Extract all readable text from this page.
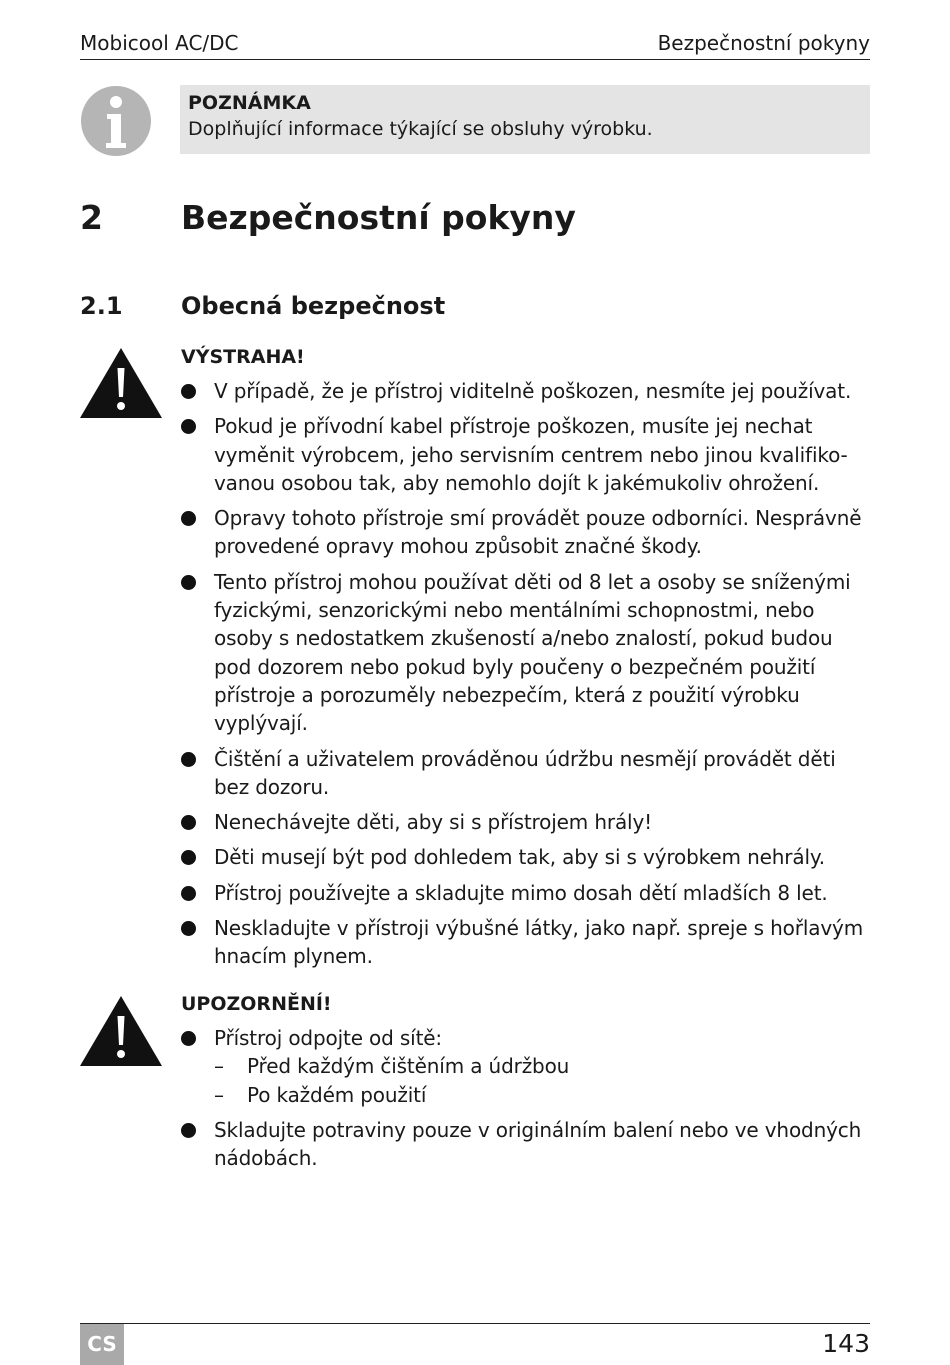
Mobicool AC/DC	Bezpečnostní pokyny
POZNÁMKA
Doplňující informace týkající se obsluhy výrobku.
2 Bezpečnostní pokyny
2.1 Obecná bezpečnost
VÝSTRAHA!
V případě, že je přístroj viditelně poškozen, nesmíte jej používat.
Pokud je přívodní kabel přístroje poškozen, musíte jej nechat vyměnit výrobcem, jeho servisním centrem nebo jinou kvalifiko-vanou osobou tak, aby nemohlo dojít k jakémukoliv ohrožení.
Opravy tohoto přístroje smí provádět pouze odborníci. Nesprávně provedené opravy mohou způsobit značné škody.
Tento přístroj mohou používat děti od 8 let a osoby se sníženými fyzickými, senzorickými nebo mentálními schopnostmi, nebo osoby s nedostatkem zkušeností a/nebo znalostí, pokud budou pod dozorem nebo pokud byly poučeny o bezpečném použití přístroje a porozuměly nebezpečím, která z použití výrobku vyplývají.
Čištění a uživatelem prováděnou údržbu nesmějí provádět děti bez dozoru.
Nenechávejte děti, aby si s přístrojem hrály!
Děti musejí být pod dohledem tak, aby si s výrobkem nehrály.
Přístroj používejte a skladujte mimo dosah dětí mladších 8 let.
Neskladujte v přístroji výbušné látky, jako např. spreje s hořlavým hnacím plynem.
UPOZORNĚNÍ!
Přístroj odpojte od sítě:
– Před každým čištěním a údržbou
– Po každém použití
Skladujte potraviny pouze v originálním balení nebo ve vhodných nádobách.
CS	143
